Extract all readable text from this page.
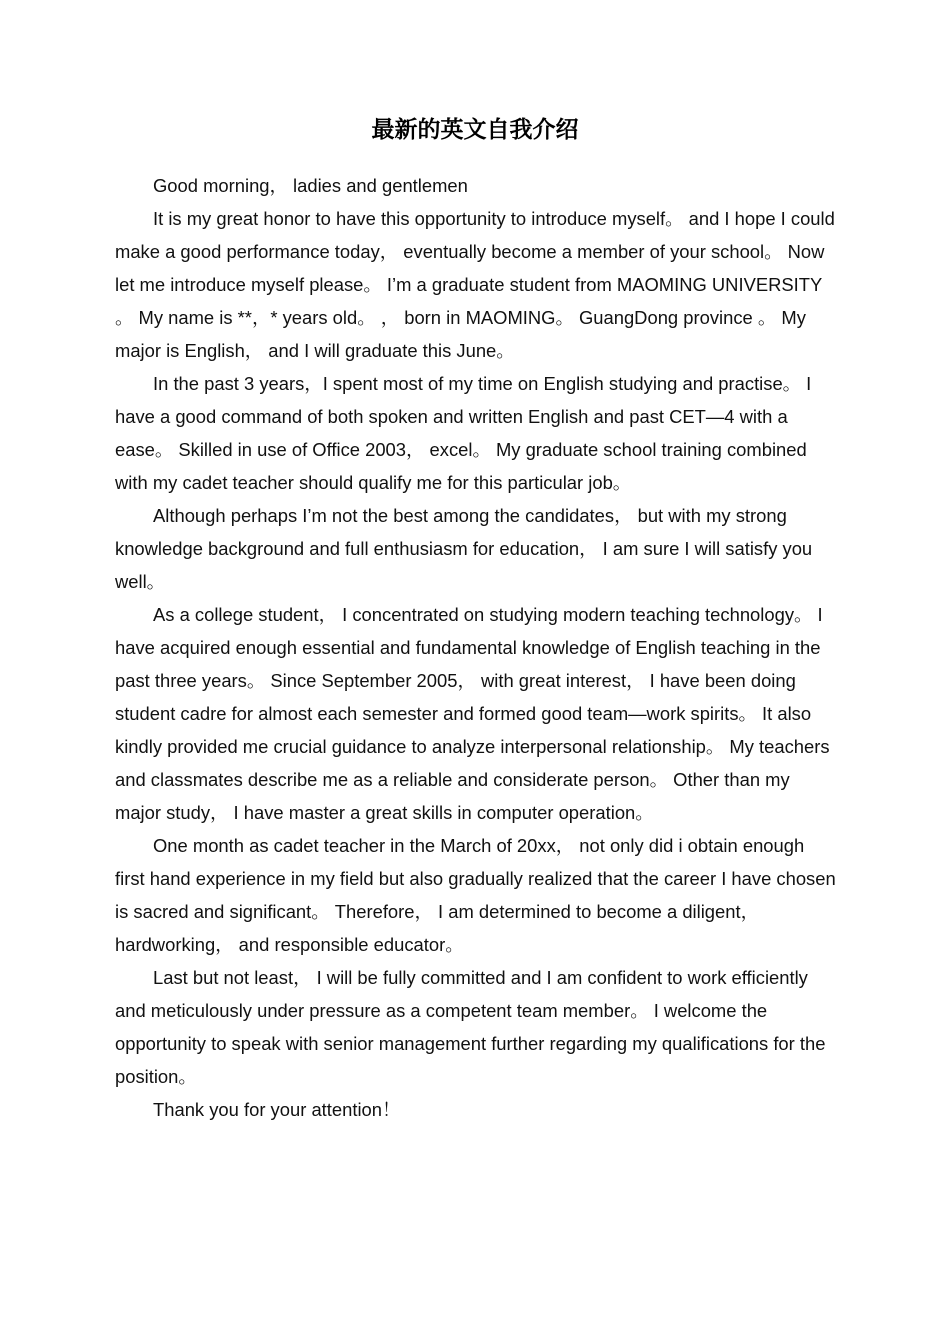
最新的英文自我介绍

Good morning， ladies and gentlemen

It is my great honor to have this opportunity to introduce myself。 and I hope I could make a good performance today， eventually become a member of your school。 Now let me introduce myself please。 I’m a graduate student from MAOMING UNIVERSITY 。 My name is **，* years old。 ， born in MAOMING。 GuangDong province 。 My major is English， and I will graduate this June。

In the past 3 years，I spent most of my time on English studying and practise。 I have a good command of both spoken and written English and past CET—4 with a ease。 Skilled in use of Office 2003， excel。 My graduate school training combined with my cadet teacher should qualify me for this particular job。

Although perhaps I’m not the best among the candidates， but with my strong knowledge background and full enthusiasm for education， I am sure I will satisfy you well。

As a college student， I concentrated on studying modern teaching technology。 I have acquired enough essential and fundamental knowledge of English teaching in the past three years。 Since September 2005， with great interest， I have been doing student cadre for almost each semester and formed good team—work spirits。 It also kindly provided me crucial guidance to analyze interpersonal relationship。 My teachers and classmates describe me as a reliable and considerate person。 Other than my major study， I have master a great skills in computer operation。

One month as cadet teacher in the March of 20xx， not only did i obtain enough first hand experience in my field but also gradually realized that the career I have chosen is sacred and significant。 Therefore， I am determined to become a diligent， hardworking， and responsible educator。

Last but not least， I will be fully committed and I am confident to work efficiently and meticulously under pressure as a competent team member。 I welcome the opportunity to speak with senior management further regarding my qualifications for the position。

Thank you for your attention！
